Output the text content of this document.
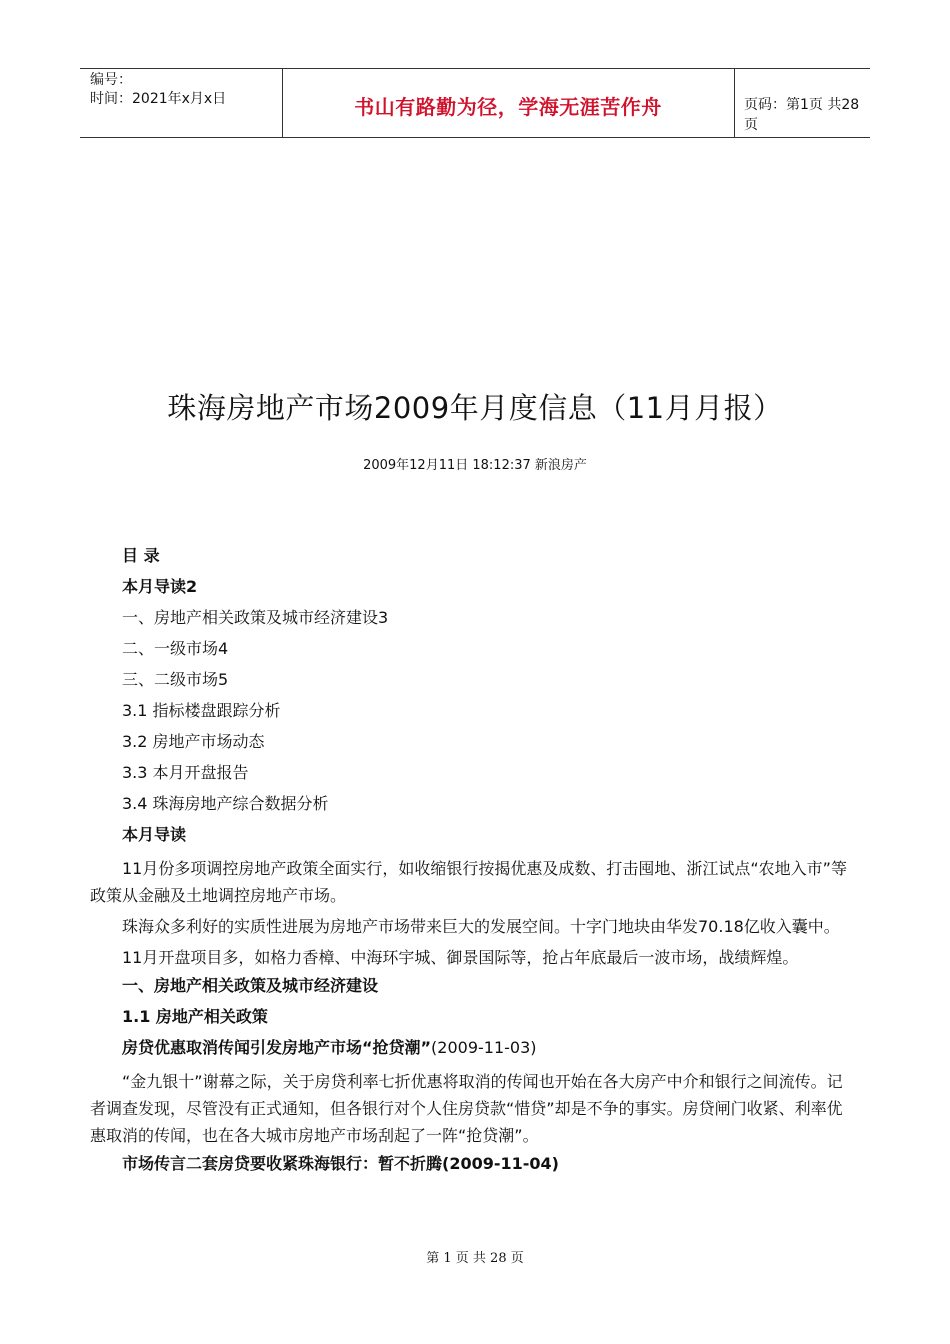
编号：
时间：2021年x月x日	书山有路勤为径，学海无涯苦作舟	页码：第1页 共28页
珠海房地产市场2009年月度信息（11月月报）
2009年12月11日 18:12:37 新浪房产
目 录
本月导读2
一、房地产相关政策及城市经济建设3
二、一级市场4
三、二级市场5
3.1 指标楼盘跟踪分析
3.2 房地产市场动态
3.3 本月开盘报告
3.4 珠海房地产综合数据分析
本月导读
11月份多项调控房地产政策全面实行，如收缩银行按揭优惠及成数、打击囤地、浙江试点“农地入市”等政策从金融及土地调控房地产市场。
珠海众多利好的实质性进展为房地产市场带来巨大的发展空间。十字门地块由华发70.18亿收入囊中。
11月开盘项目多，如格力香樟、中海环宇城、御景国际等，抢占年底最后一波市场，战绩辉煌。
一、房地产相关政策及城市经济建设
1.1 房地产相关政策
房贷优惠取消传闻引发房地产市场“抢贷潮”(2009-11-03)
“金九银十”谢幕之际，关于房贷利率七折优惠将取消的传闻也开始在各大房产中介和银行之间流传。记者调查发现，尽管没有正式通知，但各银行对个人住房贷款“惜贷”却是不争的事实。房贷闸门收紧、利率优惠取消的传闻，也在各大城市房地产市场刮起了一阵“抢贷潮”。
市场传言二套房贷要收紧珠海银行：暂不折腾(2009-11-04)
第 1 页 共 28 页
